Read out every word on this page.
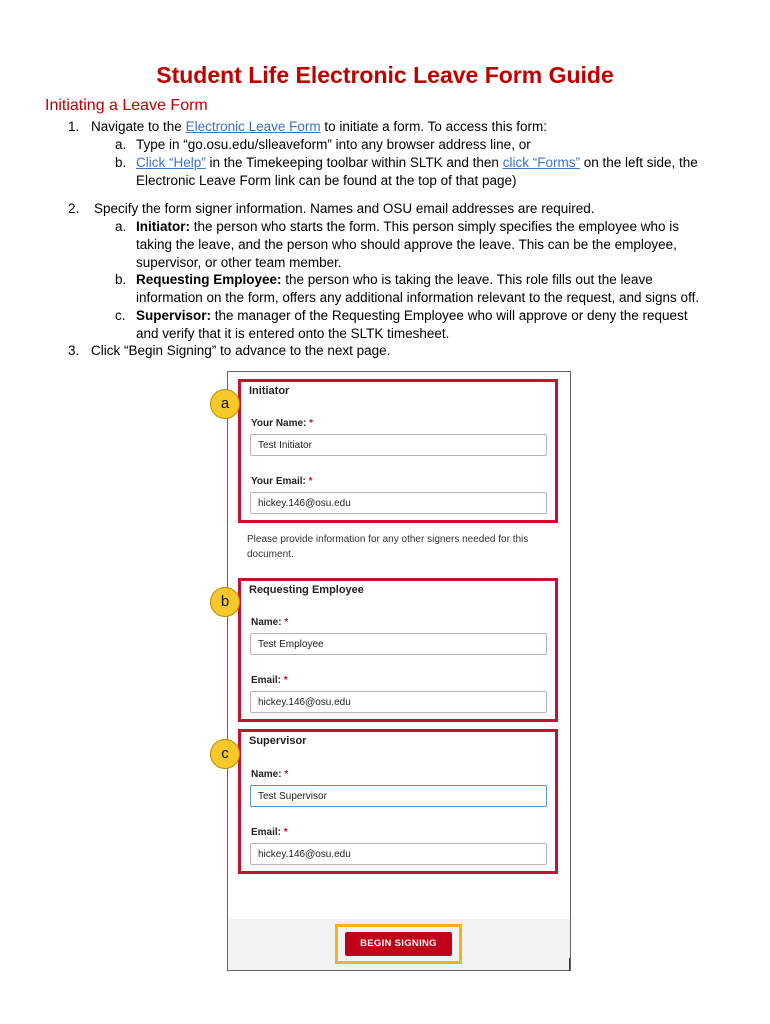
Student Life Electronic Leave Form Guide
Initiating a Leave Form
1. Navigate to the Electronic Leave Form to initiate a form. To access this form:
a. Type in “go.osu.edu/slleaveform” into any browser address line, or
b. Click “Help” in the Timekeeping toolbar within SLTK and then click “Forms” on the left side, the
Electronic Leave Form link can be found at the top of that page)
2. Specify the form signer information. Names and OSU email addresses are required.
a. Initiator: the person who starts the form. This person simply specifies the employee who is
taking the leave, and the person who should approve the leave. This can be the employee,
supervisor, or other team member.
b. Requesting Employee: the person who is taking the leave. This role fills out the leave
information on the form, offers any additional information relevant to the request, and signs off.
c. Supervisor: the manager of the Requesting Employee who will approve or deny the request
and verify that it is entered onto the SLTK timesheet.
3. Click “Begin Signing” to advance to the next page.
Initiator
Your Name: *
Test Initiator
Your Email: *
hickey.146@osu.edu
Please provide information for any other signers needed for this document.
Requesting Employee
Name: *
Test Employee
Email: *
hickey.146@osu.edu
Supervisor
Name: *
Test Supervisor
Email: *
hickey.146@osu.edu
BEGIN SIGNING
a
b
c
